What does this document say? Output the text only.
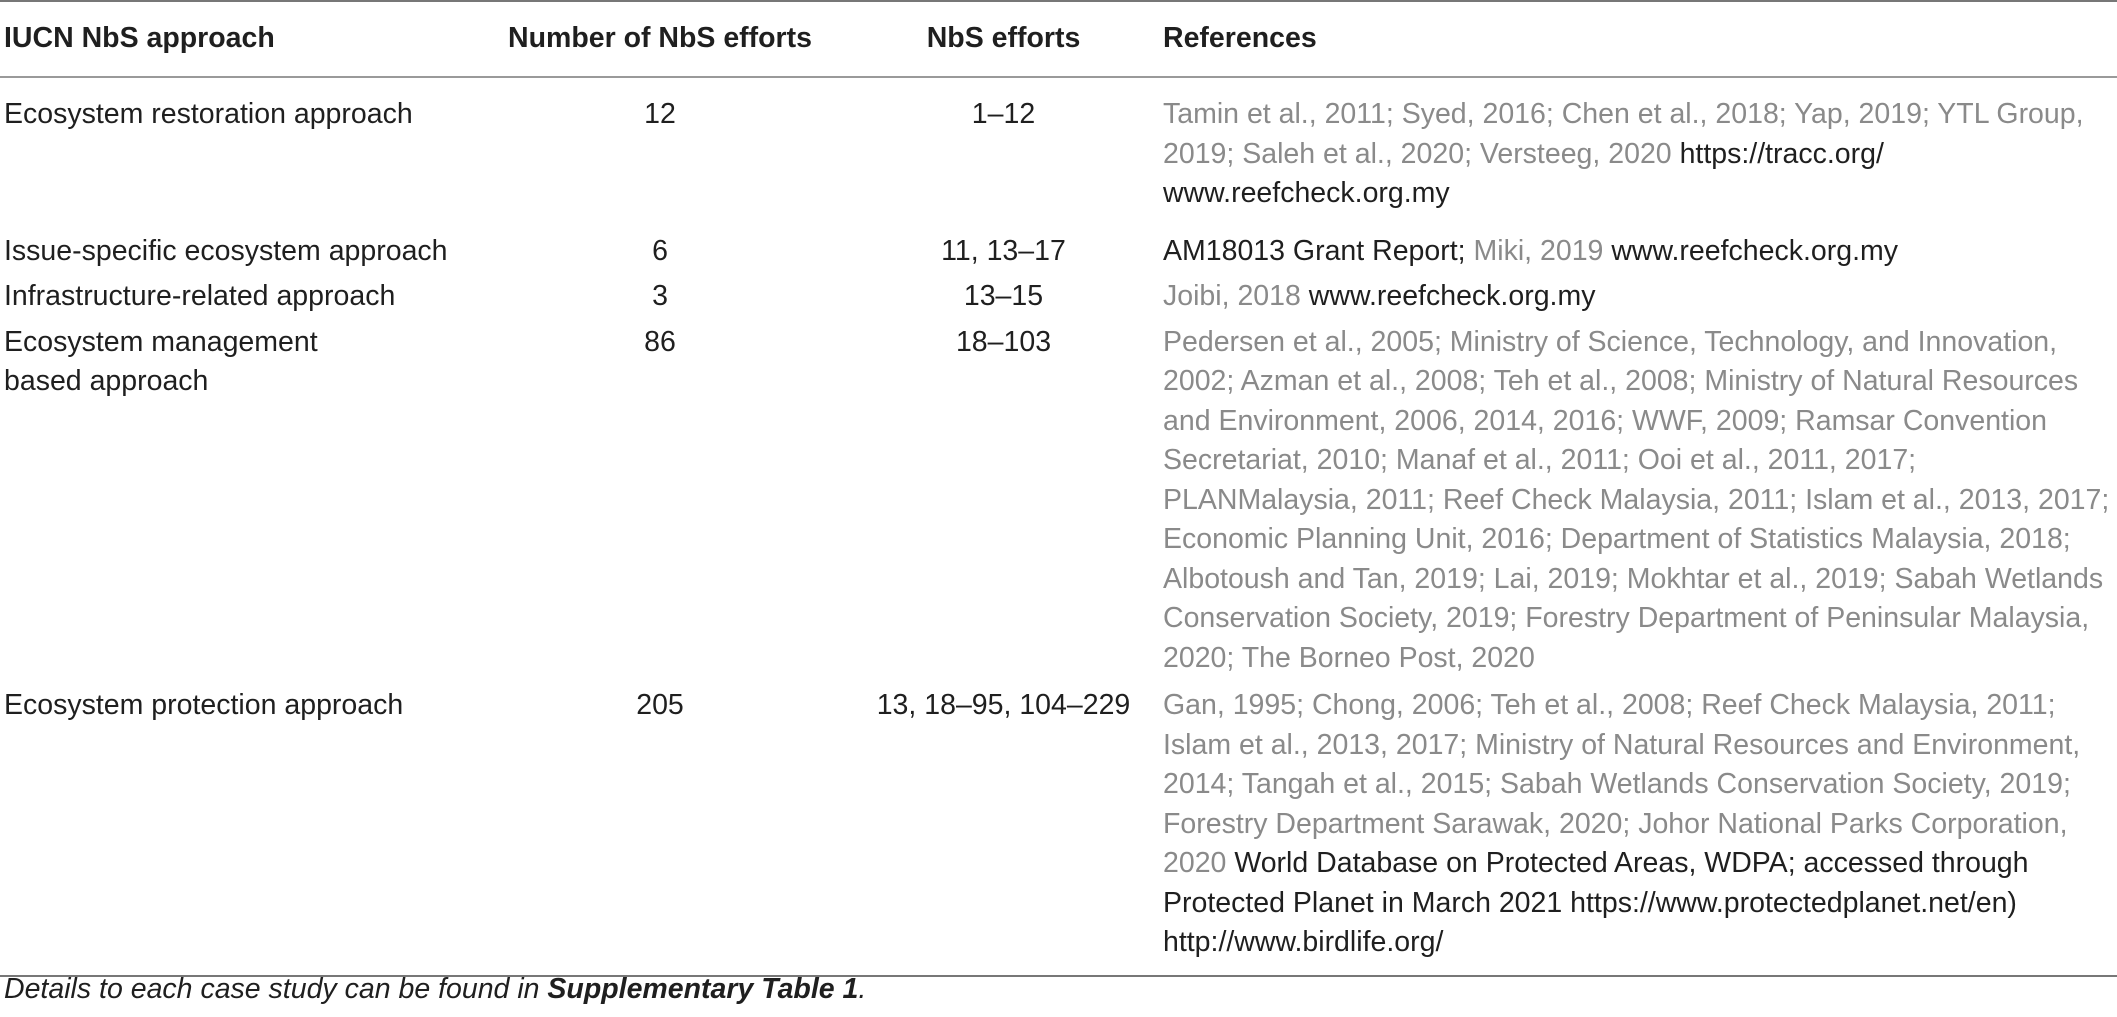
IUCN NbS approach	Number of NbS efforts	NbS efforts	References
Ecosystem restoration approach	12	1–12	Tamin et al., 2011; Syed, 2016; Chen et al., 2018; Yap, 2019; YTL Group, 2019; Saleh et al., 2020; Versteeg, 2020 https://tracc.org/ www.reefcheck.org.my
Issue-specific ecosystem approach	6	11, 13–17	AM18013 Grant Report; Miki, 2019 www.reefcheck.org.my
Infrastructure-related approach	3	13–15	Joibi, 2018 www.reefcheck.org.my
Ecosystem management based approach	86	18–103	Pedersen et al., 2005; Ministry of Science, Technology, and Innovation, 2002; Azman et al., 2008; Teh et al., 2008; Ministry of Natural Resources and Environment, 2006, 2014, 2016; WWF, 2009; Ramsar Convention Secretariat, 2010; Manaf et al., 2011; Ooi et al., 2011, 2017; PLANMalaysia, 2011; Reef Check Malaysia, 2011; Islam et al., 2013, 2017; Economic Planning Unit, 2016; Department of Statistics Malaysia, 2018; Albotoush and Tan, 2019; Lai, 2019; Mokhtar et al., 2019; Sabah Wetlands Conservation Society, 2019; Forestry Department of Peninsular Malaysia, 2020; The Borneo Post, 2020
Ecosystem protection approach	205	13, 18–95, 104–229	Gan, 1995; Chong, 2006; Teh et al., 2008; Reef Check Malaysia, 2011; Islam et al., 2013, 2017; Ministry of Natural Resources and Environment, 2014; Tangah et al., 2015; Sabah Wetlands Conservation Society, 2019; Forestry Department Sarawak, 2020; Johor National Parks Corporation, 2020 World Database on Protected Areas, WDPA; accessed through Protected Planet in March 2021 https://www.protectedplanet.net/en) http://www.birdlife.org/
Details to each case study can be found in Supplementary Table 1.
